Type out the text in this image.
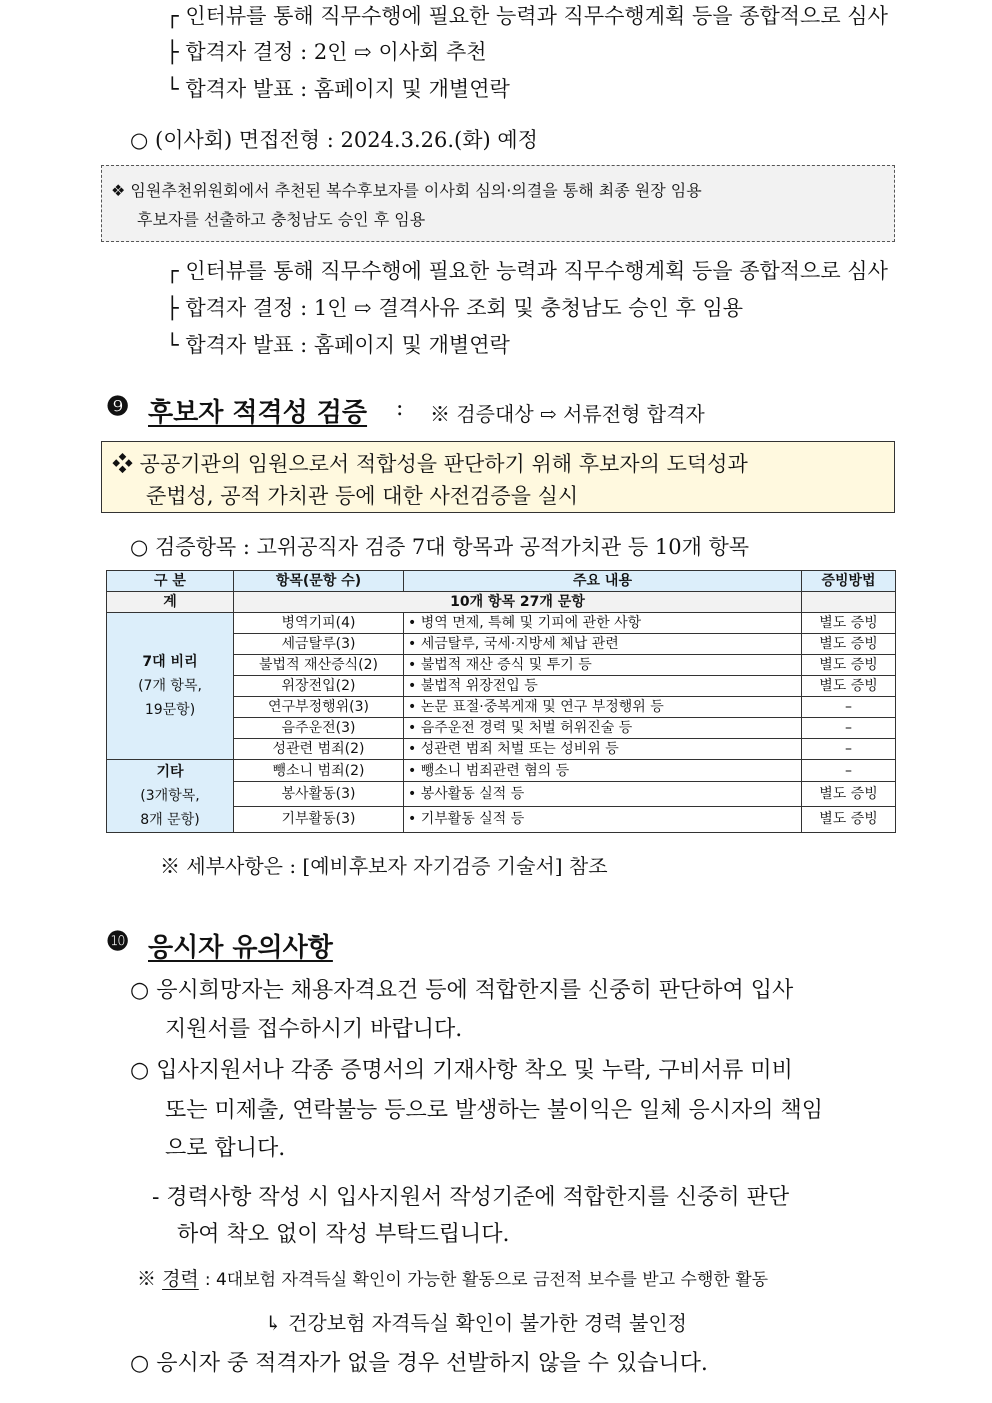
┌ 인터뷰를 통해 직무수행에 필요한 능력과 직무수행계획 등을 종합적으로 심사
├ 합격자 결정 : 2인 ⇨ 이사회 추천
└ 합격자 발표 : 홈페이지 및 개별연락
○ (이사회) 면접전형 : 2024.3.26.(화) 예정
❖ 임원추천위원회에서 추천된 복수후보자를 이사회 심의·의결을 통해 최종 원장 임용
후보자를 선출하고 충청남도 승인 후 임용
┌ 인터뷰를 통해 직무수행에 필요한 능력과 직무수행계획 등을 종합적으로 심사
├ 합격자 결정 : 1인 ⇨ 결격사유 조회 및 충청남도 승인 후 임용
└ 합격자 발표 : 홈페이지 및 개별연락
❾ 후보자 적격성 검증 : ※ 검증대상 ⇨ 서류전형 합격자
❖ 공공기관의 임원으로서 적합성을 판단하기 위해 후보자의 도덕성과
준법성, 공적 가치관 등에 대한 사전검증을 실시
○ 검증항목 : 고위공직자 검증 7대 항목과 공적가치관 등 10개 항목
구 분	항목(문항 수)	주요 내용	증빙방법
계	10개 항목 27개 문항		

7대 비리
(7개 항목,
19문항)	병역기피(4)	• 병역 면제, 특혜 및 기피에 관한 사항	별도 증빙
	세금탈루(3)	• 세금탈루, 국세·지방세 체납 관련	별도 증빙
	불법적 재산증식(2)	• 불법적 재산 증식 및 투기 등	별도 증빙
	위장전입(2)	• 불법적 위장전입 등	별도 증빙
	연구부정행위(3)	• 논문 표절·중복게재 및 연구 부정행위 등	–
	음주운전(3)	• 음주운전 경력 및 처벌 허위진술 등	–
	성관련 범죄(2)	• 성관련 범죄 처벌 또는 성비위 등	–

기타
(3개항목,
8개 문항)	뺑소니 범죄(2)	• 뺑소니 범죄관련 혐의 등	–
	봉사활동(3)	• 봉사활동 실적 등	별도 증빙
	기부활동(3)	• 기부활동 실적 등	별도 증빙
※ 세부사항은 : [예비후보자 자기검증 기술서] 참조
❿ 응시자 유의사항
○ 응시희망자는 채용자격요건 등에 적합한지를 신중히 판단하여 입사
지원서를 접수하시기 바랍니다.
○ 입사지원서나 각종 증명서의 기재사항 착오 및 누락, 구비서류 미비
또는 미제출, 연락불능 등으로 발생하는 불이익은 일체 응시자의 책임
으로 합니다.
- 경력사항 작성 시 입사지원서 작성기준에 적합한지를 신중히 판단
하여 착오 없이 작성 부탁드립니다.
※ 경력 : 4대보험 자격득실 확인이 가능한 활동으로 금전적 보수를 받고 수행한 활동
↳ 건강보험 자격득실 확인이 불가한 경력 불인정
○ 응시자 중 적격자가 없을 경우 선발하지 않을 수 있습니다.
